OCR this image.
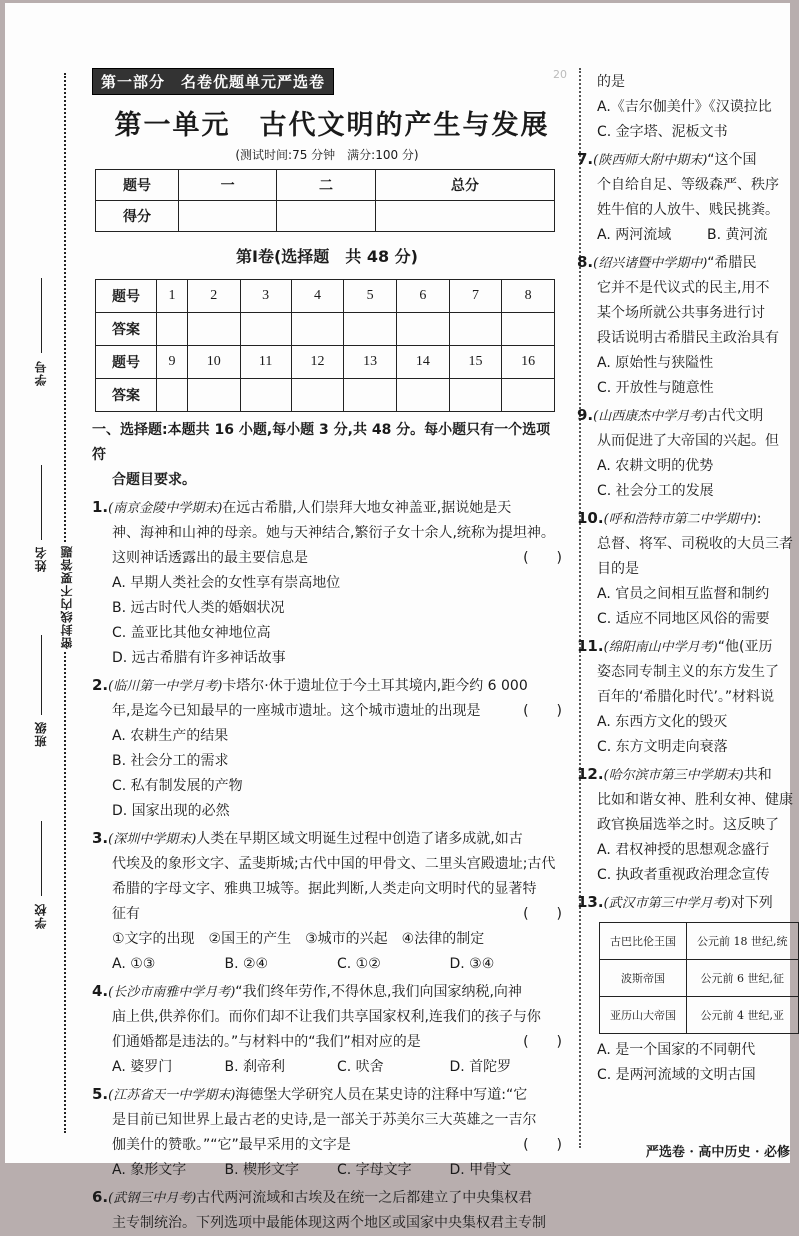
学号
姓名
班级
学校
密封线内不要答题
20
第一部分　名卷优题单元严选卷
第一单元　古代文明的产生与发展
(测试时间:75 分钟　满分:100 分)
题号	一	二	总分
得分			
第Ⅰ卷(选择题　共 48 分)
题号	1	2	3	4	5	6	7	8
答案								
题号	9	10	11	12	13	14	15	16
答案								
一、选择题:本题共 16 小题,每小题 3 分,共 48 分。每小题只有一个选项符
合题目要求。
1.(南京金陵中学期末)在远古希腊,人们崇拜大地女神盖亚,据说她是天
神、海神和山神的母亲。她与天神结合,繁衍子女十余人,统称为提坦神。
这则神话透露出的最主要信息是	(　　)
A. 早期人类社会的女性享有崇高地位
B. 远古时代人类的婚姻状况
C. 盖亚比其他女神地位高
D. 远古希腊有许多神话故事
2.(临川第一中学月考)卡塔尔·休于遗址位于今土耳其境内,距今约 6 000
年,是迄今已知最早的一座城市遗址。这个城市遗址的出现是	(　　)
A. 农耕生产的结果
B. 社会分工的需求
C. 私有制发展的产物
D. 国家出现的必然
3.(深圳中学期末)人类在早期区域文明诞生过程中创造了诸多成就,如古
代埃及的象形文字、孟斐斯城;古代中国的甲骨文、二里头宫殿遗址;古代
希腊的字母文字、雅典卫城等。据此判断,人类走向文明时代的显著特
征有	(　　)
①文字的出现　②国王的产生　③城市的兴起　④法律的制定
A. ①③	B. ②④	C. ①②	D. ③④
4.(长沙市南雅中学月考)“我们终年劳作,不得休息,我们向国家纳税,向神
庙上供,供养你们。而你们却不让我们共享国家权利,连我们的孩子与你
们通婚都是违法的。”与材料中的“我们”相对应的是	(　　)
A. 婆罗门	B. 刹帝利	C. 吠舍	D. 首陀罗
5.(江苏省天一中学期末)海德堡大学研究人员在某史诗的注释中写道:“它
是目前已知世界上最古老的史诗,是一部关于苏美尔三大英雄之一吉尔
伽美什的赞歌。”“它”最早采用的文字是	(　　)
A. 象形文字	B. 楔形文字	C. 字母文字	D. 甲骨文
6.(武钢三中月考)古代两河流域和古埃及在统一之后都建立了中央集权君
主专制统治。下列选项中最能体现这两个地区或国家中央集权君主专制
的是
A.《吉尔伽美什》《汉谟拉比
C. 金字塔、泥板文书
7.(陕西师大附中期末)“这个国
个自给自足、等级森严、秩序
姓牛倌的人放牛、贱民挑粪。
A. 两河流域	B. 黄河流
8.(绍兴诸暨中学期中)“希腊民
它并不是代议式的民主,用不
某个场所就公共事务进行讨
段话说明古希腊民主政治具有
A. 原始性与狭隘性
C. 开放性与随意性
9.(山西康杰中学月考)古代文明
从而促进了大帝国的兴起。但
A. 农耕文明的优势
C. 社会分工的发展
10.(呼和浩特市第二中学期中):
总督、将军、司税收的大员三者
目的是
A. 官员之间相互监督和制约
C. 适应不同地区风俗的需要
11.(绵阳南山中学月考)“他(亚历
姿态同专制主义的东方发生了
百年的‘希腊化时代’。”材料说
A. 东西方文化的毁灭
C. 东方文明走向衰落
12.(哈尔滨市第三中学期末)共和
比如和谐女神、胜利女神、健康
政官换届选举之时。这反映了
A. 君权神授的思想观念盛行
C. 执政者重视政治理念宣传
13.(武汉市第三中学月考)对下列
古巴比伦王国	公元前 18 世纪,统
波斯帝国	公元前 6 世纪,征
亚历山大帝国	公元前 4 世纪,亚
A. 是一个国家的不同朝代
C. 是两河流域的文明古国
严选卷 · 高中历史 · 必修
